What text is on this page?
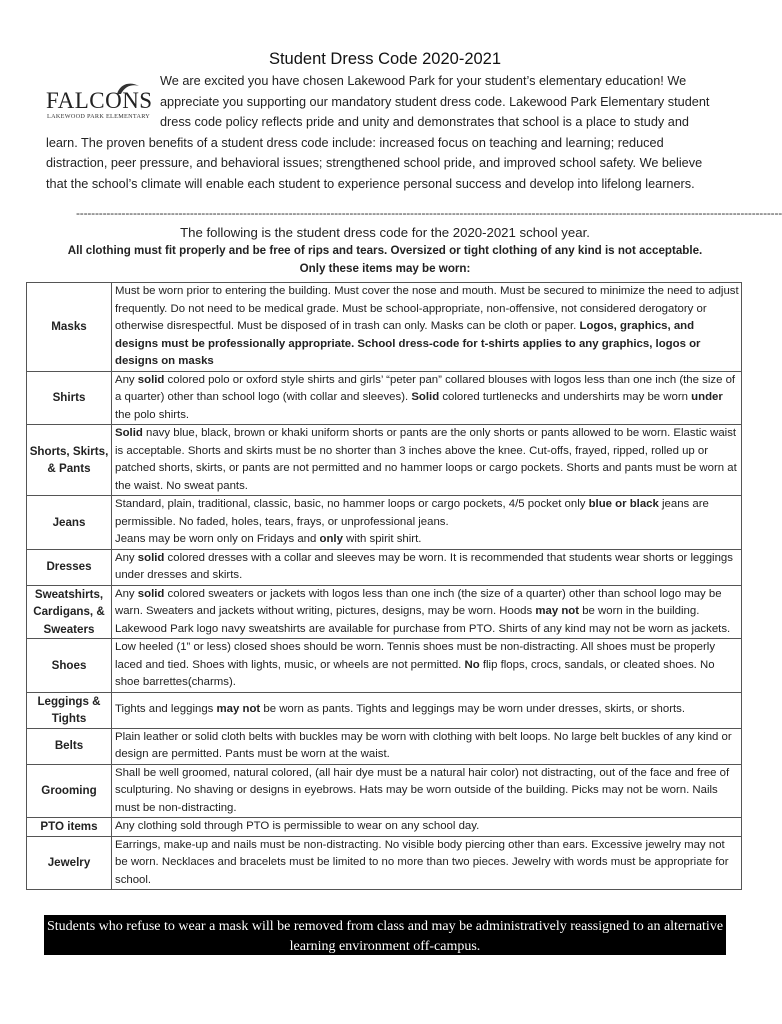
Student Dress Code 2020-2021
FALCONS
LAKEWOOD PARK ELEMENTARY
We are excited you have chosen Lakewood Park for your student’s elementary education! We appreciate you supporting our mandatory student dress code. Lakewood Park Elementary student dress code policy reflects pride and unity and demonstrates that school is a place to study and learn. The proven benefits of a student dress code include: increased focus on teaching and learning; reduced distraction, peer pressure, and behavioral issues; strengthened school pride, and improved school safety. We believe that the school’s climate will enable each student to experience personal success and develop into lifelong learners.
------------------------------------------------------------------------------------------------------------------------------------------------------------------------------------------
The following is the student dress code for the 2020-2021 school year.
All clothing must fit properly and be free of rips and tears. Oversized or tight clothing of any kind is not acceptable.
Only these items may be worn:
Masks	Must be worn prior to entering the building. Must cover the nose and mouth. Must be secured to minimize the need to adjust frequently. Do not need to be medical grade. Must be school-appropriate, non-offensive, not considered derogatory or otherwise disrespectful. Must be disposed of in trash can only. Masks can be cloth or paper. Logos, graphics, and designs must be professionally appropriate. School dress-code for t-shirts applies to any graphics, logos or designs on masks
Shirts	Any solid colored polo or oxford style shirts and girls’ “peter pan” collared blouses with logos less than one inch (the size of a quarter) other than school logo (with collar and sleeves). Solid colored turtlenecks and undershirts may be worn under the polo shirts.
Shorts, Skirts, & Pants	Solid navy blue, black, brown or khaki uniform shorts or pants are the only shorts or pants allowed to be worn. Elastic waist is acceptable. Shorts and skirts must be no shorter than 3 inches above the knee. Cut-offs, frayed, ripped, rolled up or patched shorts, skirts, or pants are not permitted and no hammer loops or cargo pockets. Shorts and pants must be worn at the waist. No sweat pants.
Jeans	Standard, plain, traditional, classic, basic, no hammer loops or cargo pockets, 4/5 pocket only blue or black jeans are permissible. No faded, holes, tears, frays, or unprofessional jeans.
Jeans may be worn only on Fridays and only with spirit shirt.
Dresses	Any solid colored dresses with a collar and sleeves may be worn. It is recommended that students wear shorts or leggings under dresses and skirts.
Sweatshirts, Cardigans, & Sweaters	Any solid colored sweaters or jackets with logos less than one inch (the size of a quarter) other than school logo may be warn. Sweaters and jackets without writing, pictures, designs, may be worn. Hoods may not be worn in the building. Lakewood Park logo navy sweatshirts are available for purchase from PTO. Shirts of any kind may not be worn as jackets.
Shoes	Low heeled (1” or less) closed shoes should be worn. Tennis shoes must be non-distracting. All shoes must be properly laced and tied. Shoes with lights, music, or wheels are not permitted. No flip flops, crocs, sandals, or cleated shoes. No shoe barrettes(charms).
Leggings & Tights	Tights and leggings may not be worn as pants. Tights and leggings may be worn under dresses, skirts, or shorts.
Belts	Plain leather or solid cloth belts with buckles may be worn with clothing with belt loops. No large belt buckles of any kind or design are permitted. Pants must be worn at the waist.
Grooming	Shall be well groomed, natural colored, (all hair dye must be a natural hair color) not distracting, out of the face and free of sculpturing. No shaving or designs in eyebrows. Hats may be worn outside of the building. Picks may not be worn. Nails must be non-distracting.
PTO items	Any clothing sold through PTO is permissible to wear on any school day.
Jewelry	Earrings, make-up and nails must be non-distracting. No visible body piercing other than ears. Excessive jewelry may not be worn. Necklaces and bracelets must be limited to no more than two pieces. Jewelry with words must be appropriate for school.
Students who refuse to wear a mask will be removed from class and may be administratively reassigned to an alternative learning environment off-campus.
